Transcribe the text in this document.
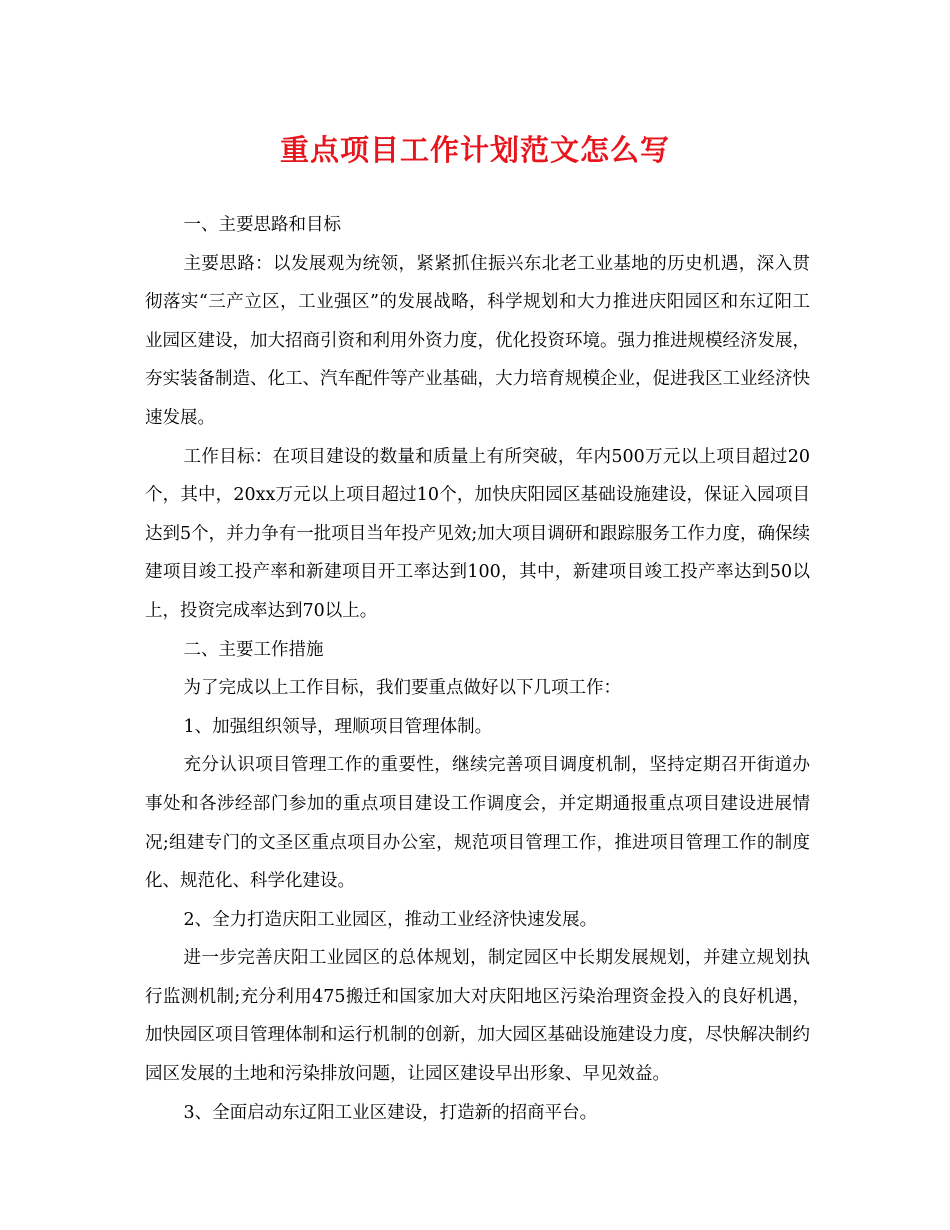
重点项目工作计划范文怎么写

一、主要思路和目标

主要思路：以发展观为统领，紧紧抓住振兴东北老工业基地的历史机遇，深入贯彻落实“三产立区，工业强区”的发展战略，科学规划和大力推进庆阳园区和东辽阳工业园区建设，加大招商引资和利用外资力度，优化投资环境。强力推进规模经济发展，夯实装备制造、化工、汽车配件等产业基础，大力培育规模企业，促进我区工业经济快速发展。

工作目标：在项目建设的数量和质量上有所突破，年内500万元以上项目超过20个，其中，20xx万元以上项目超过10个，加快庆阳园区基础设施建设，保证入园项目达到5个，并力争有一批项目当年投产见效;加大项目调研和跟踪服务工作力度，确保续建项目竣工投产率和新建项目开工率达到100，其中，新建项目竣工投产率达到50以上，投资完成率达到70以上。

二、主要工作措施

为了完成以上工作目标，我们要重点做好以下几项工作：

1、加强组织领导，理顺项目管理体制。

充分认识项目管理工作的重要性，继续完善项目调度机制，坚持定期召开街道办事处和各涉经部门参加的重点项目建设工作调度会，并定期通报重点项目建设进展情况;组建专门的文圣区重点项目办公室，规范项目管理工作，推进项目管理工作的制度化、规范化、科学化建设。

2、全力打造庆阳工业园区，推动工业经济快速发展。

进一步完善庆阳工业园区的总体规划，制定园区中长期发展规划，并建立规划执行监测机制;充分利用475搬迁和国家加大对庆阳地区污染治理资金投入的良好机遇，加快园区项目管理体制和运行机制的创新，加大园区基础设施建设力度，尽快解决制约园区发展的土地和污染排放问题，让园区建设早出形象、早见效益。

3、全面启动东辽阳工业区建设，打造新的招商平台。
